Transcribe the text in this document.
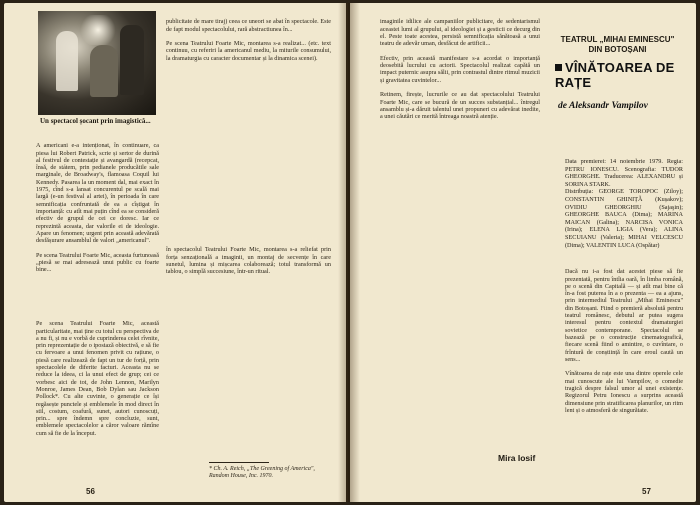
Un spectacol șocant prin imagistică...

A americani e-a intenționat, în continuare, ca piesa lui Robert Patrick, scrie și sertor de durină al festivul de contestație și avangardă (recepcat, însă, de státem, prin pedianele producătile sale marginale, de Broadway's, flamoasa Coquil lui Kennedy. Pasarea la un moment dal, mai exact în 1975, cînd s-a lansat concurentul pe scală mai largă (e-un festival al artei), în perioada în care semnificația confruntată de ea a cîștigat în importanță: cu atît mai puțin cînd ea se consideră efectiv de grupul de cei ce doresc. Iar ce reprezintă aceasta, dar valorile ei de ideologie. Apare un fenomen; urgent prin această adevărată desfășurare ansamblul de valori „americanul".

Pe scena Teatrului Foarte Mic, aceasta furtunoasă „piesă se mai adresează unui public cu foarte bine...

Pe scena Teatrului Foarte Mic, această particularitate, mai ține cu totul cu perspectiva de a nu fi, și nu e vorbă de cuprinderea celei rîvnite, prin reprezentație de o ipostază obiectivă, e să fie cu fervoare a unui fenomen privit cu rațiune, o piesă care realizează de fapt un tur de forță, prin spectacolele de diferite facturi. Aceasta nu se reduce la ideea, ci la unui efect de grup; cei ce vorbesc aici de tot, de John Lennon, Marilyn Monroe, James Dean, Bob Dylan sau Jackson Pollock*. Cu alte cuvinte, o generație ce își regăsește punctele și emblemele în mod direct în stil, costum, coafură, sunet, autori cunoscuți, prin... spre îndemn spre concluzie, sunt, emblemele spectacolelor a căror valoare rămîne cum să fie de la început.

publicitate de mare tiraj) ceea ce uneori se abat în spectacole. Este de fapt modul spectacolului, rară abstractiunea în...

Pe scena Teatrului Foarte Mic, montarea s-a realizat... (etc. text continuu, cu referiri la americanul mediu, la miturile consumului, la dramaturgia cu caracter documentar și la dinamica scenei).

în spectacolul Teatrului Foarte Mic, montarea s-a reliefat prin forța senzațională a imaginii, un montaj de secvențe în care sunetul, lumina și mișcarea colaborează; totul transformă un tablou, o simplă succesiune, într-un ritual.

* Ch. A. Reich, „The Greening of America", Random House, Inc. 1970.
56

imaginile idilice ale campaniilor publicitare, de sedentarismul aceastei lumi al grupului, al ideologiei și a gesticii ce decurg din el. Peste toate acestea, persistă semnificația sănătoasă a unui teatru de adevăr uman, desfăcut de artificii...

Efectiv, prin această manifestare s-a acordat o importanță deosebită lucrului cu actorii. Spectacolul realizat capătă un impact puternic asupra sălii, prin contrastul dintre ritmul muzicii și gravitatea cuvintelor...

Retinem, firește, lucrurile ce au dat spectacolului Teatrului Foarte Mic, care se bucură de un succes substanțial... întregul ansamblu și-a dăruit talentul unei propuneri cu adevărat inedite, a unei căutări ce merită întreaga noastră atenție.

Mira Iosif
TEATRUL „MIHAI EMINESCU"
DIN BOTOȘANI
VÎNĂTOAREA DE RAȚE
de Aleksandr Vampilov
Data premierei: 14 noiembrie 1979. Regia: PETRU IONESCU. Scenografia: TUDOR GHEORGHE. Traducerea: ALEXANDRU și SORINA STARK.
Distribuția: GEORGE TOROPOC (Ziloy); CONSTANTIN GHINIȚĂ (Kușakov); OVIDIU GHEORGHIU (Sajaşin); GHEORGHE BAUCA (Dima); MARINA MAICAN (Galina); NARCISA VONICA (Irina); ELENA LIGIA (Vera); ALINA SECUIANU (Valeria); MIHAI VELCESCU (Dima); VALENTIN LUCA (Ospătar)

Dacă nu i-a fost dat acestei piese să fie prezentată, pentru întîia oară, în limba română, pe o scenă din Capitală — și atît mai bine că în-a fost puterea în a o prezenta — ea a ajuns, prin intermediul Teatrului „Mihai Eminescu" din Botoșani. Fiind o premieră absolută pentru teatrul românesc, debutul ar putea sugera interesul pentru contextul dramaturgiei sovietice contemporane. Spectacolul se bazează pe o construcție cinematografică, fiecare scenă fiind o amintire, o cuvîntare, o frîntură de conștiință în care eroul caută un sens...

Vînătoarea de rațe este una dintre operele cele mai cunoscute ale lui Vampilov, o comedie tragică despre falsul umor al unei existențe. Regizorul Petru Ionescu a surprins această dimensiune prin stratificarea planurilor, un ritm lent și o atmosferă de singurătate.

57
